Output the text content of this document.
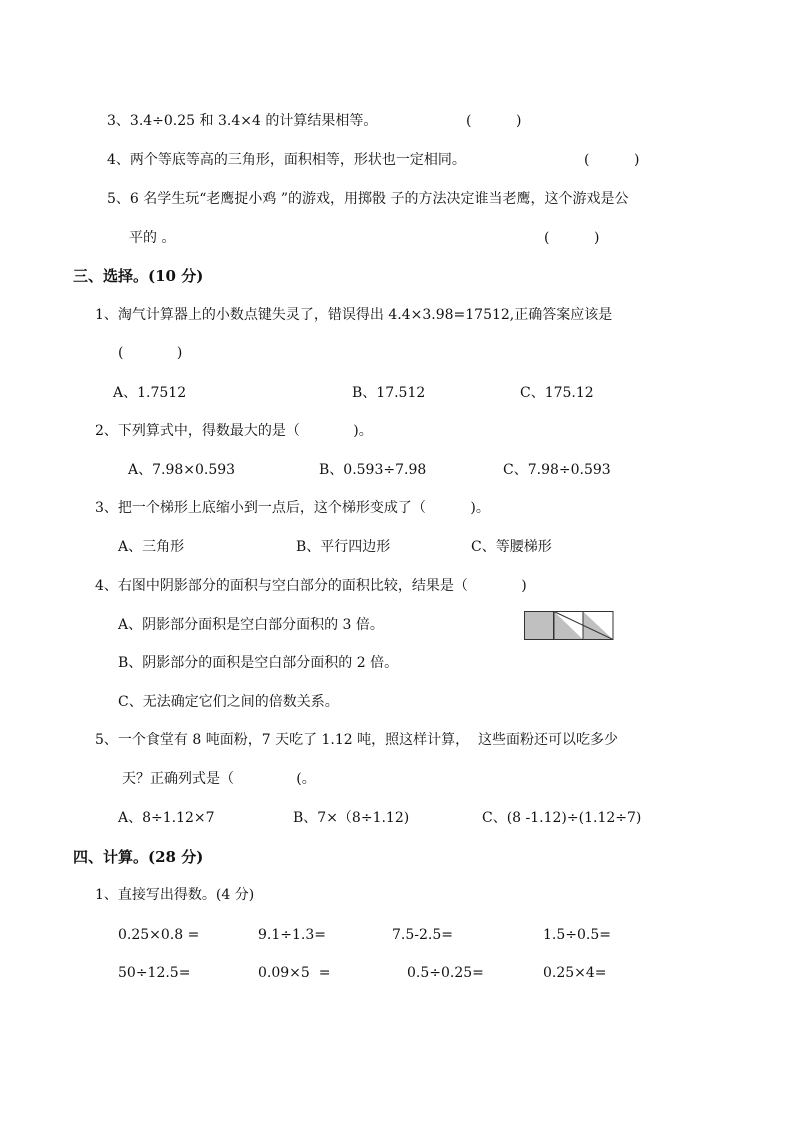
3、3.4÷0.25 和 3.4×4 的计算结果相等。	(          )
4、两个等底等高的三角形，面积相等，形状也一定相同。	(          )
5、6 名学生玩“老鹰捉小鸡 ”的游戏，用掷骰 子的方法决定谁当老鹰，这个游戏是公
平的 。	(          )
三、选择。(10 分)
1、淘气计算器上的小数点键失灵了，错误得出 4.4×3.98=17512,正确答案应该是
(            )
A、1.7512	B、17.512	C、175.12
2、下列算式中，得数最大的是（            )。
A、7.98×0.593	B、0.593÷7.98	C、7.98÷0.593
3、把一个梯形上底缩小到一点后，这个梯形变成了（          )。
A、三角形	B、平行四边形	C、等腰梯形
4、右图中阴影部分的面积与空白部分的面积比较，结果是（            )
A、阴影部分面积是空白部分面积的 3 倍。
B、阴影部分的面积是空白部分面积的 2 倍。
C、无法确定它们之间的倍数关系。
5、一个食堂有 8 吨面粉，7 天吃了 1.12 吨，照这样计算，  这些面粉还可以吃多少
天？正确列式是（              (。
A、8÷1.12×7	B、7×（8÷1.12)	C、(8 -1.12)÷(1.12÷7)
四、计算。(28 分)
1、直接写出得数。(4 分)
0.25×0.8 =	9.1÷1.3=	7.5-2.5=	1.5÷0.5=
50÷12.5=	0.09×5  =	0.5÷0.25=	0.25×4=
